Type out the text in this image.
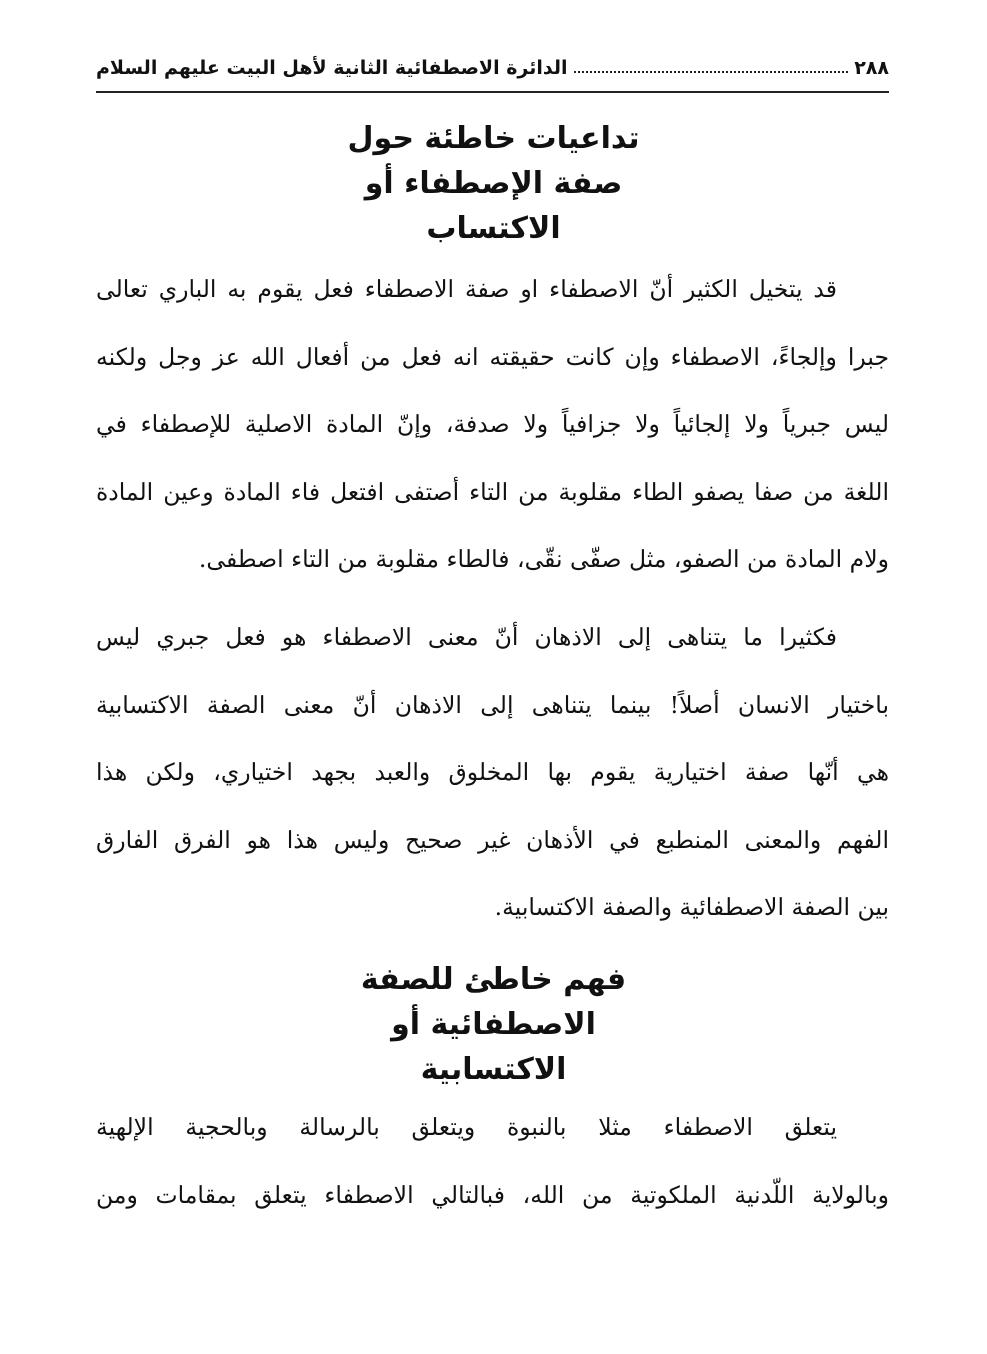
٢٨٨
الدائرة الاصطفائية الثانية لأهل البيت عليهم السلام
تداعيات خاطئة حول
صفة الإصطفاء أو
الاكتساب
قد يتخيل الكثير أنّ الاصطفاء او صفة الاصطفاء فعل يقوم به الباري تعالى
جبرا وإلجاءً، الاصطفاء وإن كانت حقيقته انه فعل من أفعال الله عز وجل ولكنه
ليس جبرياً ولا إلجائياً ولا جزافياً ولا صدفة، وإنّ المادة الاصلية للإصطفاء في
اللغة من صفا يصفو الطاء مقلوبة من التاء أصتفى افتعل فاء المادة وعين المادة
ولام المادة من الصفو، مثل صفّى نقّى، فالطاء مقلوبة من التاء اصطفى.
فكثيرا ما يتناهى إلى الاذهان أنّ معنى الاصطفاء هو فعل جبري ليس
باختيار الانسان أصلاً! بينما يتناهى إلى الاذهان أنّ معنى الصفة الاكتسابية
هي أنّها صفة اختيارية يقوم بها المخلوق والعبد بجهد اختياري، ولكن هذا
الفهم والمعنى المنطبع في الأذهان غير صحيح وليس هذا هو الفرق الفارق
بين الصفة الاصطفائية والصفة الاكتسابية.
فهم خاطئ للصفة
الاصطفائية أو
الاكتسابية
يتعلق الاصطفاء مثلا بالنبوة ويتعلق بالرسالة وبالحجية الإلهية
وبالولاية اللّدنية الملكوتية من الله، فبالتالي الاصطفاء يتعلق بمقامات ومن
